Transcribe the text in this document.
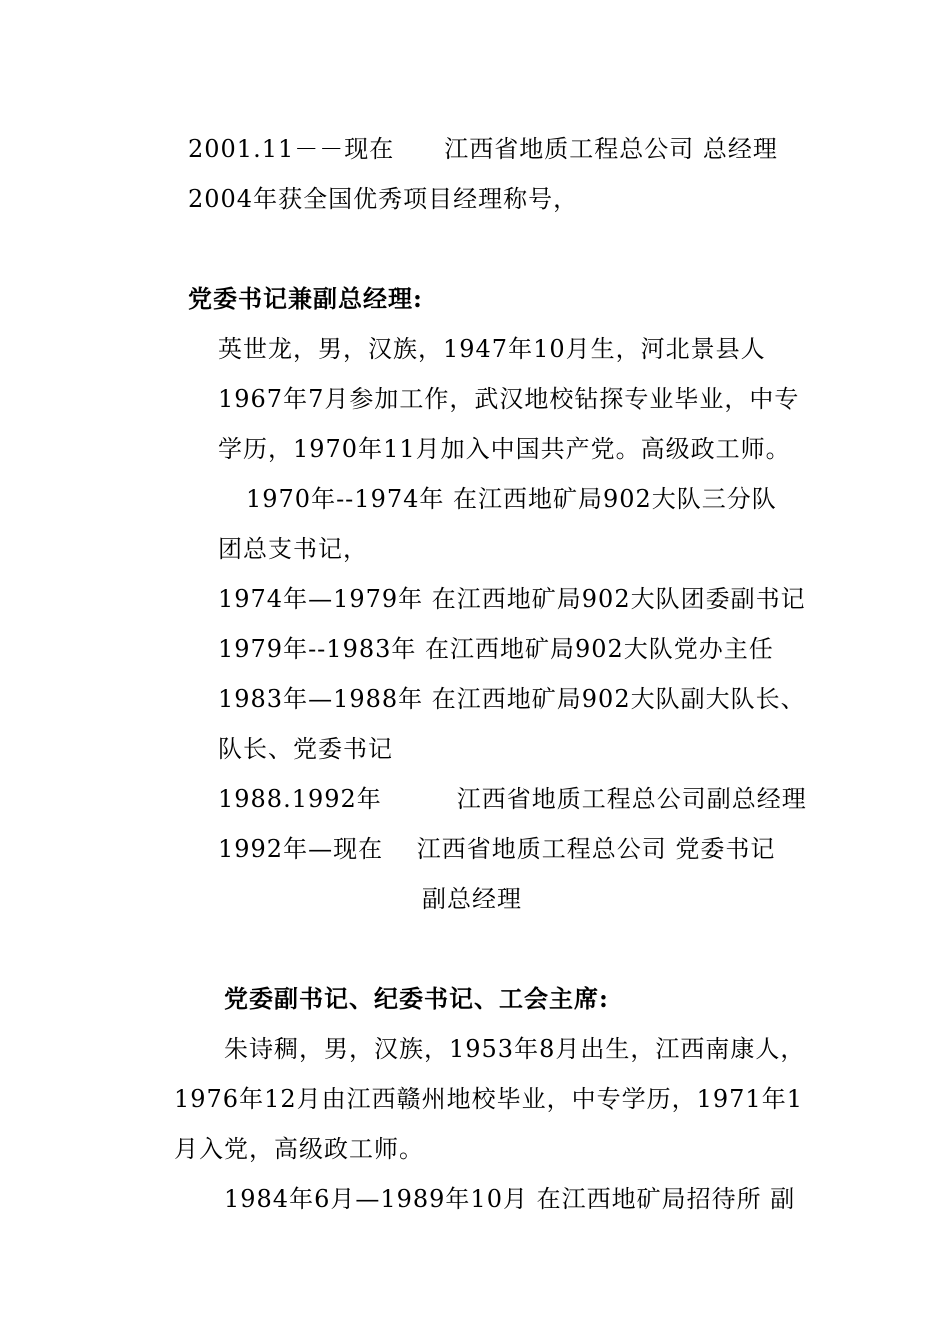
2001.11－－现在　　江西省地质工程总公司 总经理
2004年获全国优秀项目经理称号，
党委书记兼副总经理:
英世龙，男，汉族，1947年10月生，河北景县人
1967年7月参加工作，武汉地校钻探专业毕业，中专
学历，1970年11月加入中国共产党。高级政工师。
1970年--1974年 在江西地矿局902大队三分队
团总支书记，
1974年—1979年 在江西地矿局902大队团委副书记
1979年--1983年 在江西地矿局902大队党办主任
1983年—1988年 在江西地矿局902大队副大队长、
队长、党委书记
1988.1992年　　　江西省地质工程总公司副总经理
1992年—现在　 江西省地质工程总公司 党委书记
副总经理
党委副书记、纪委书记、工会主席:
朱诗稠，男，汉族，1953年8月出生，江西南康人，
1976年12月由江西赣州地校毕业，中专学历，1971年1
月入党，高级政工师。
1984年6月—1989年10月 在江西地矿局招待所 副
